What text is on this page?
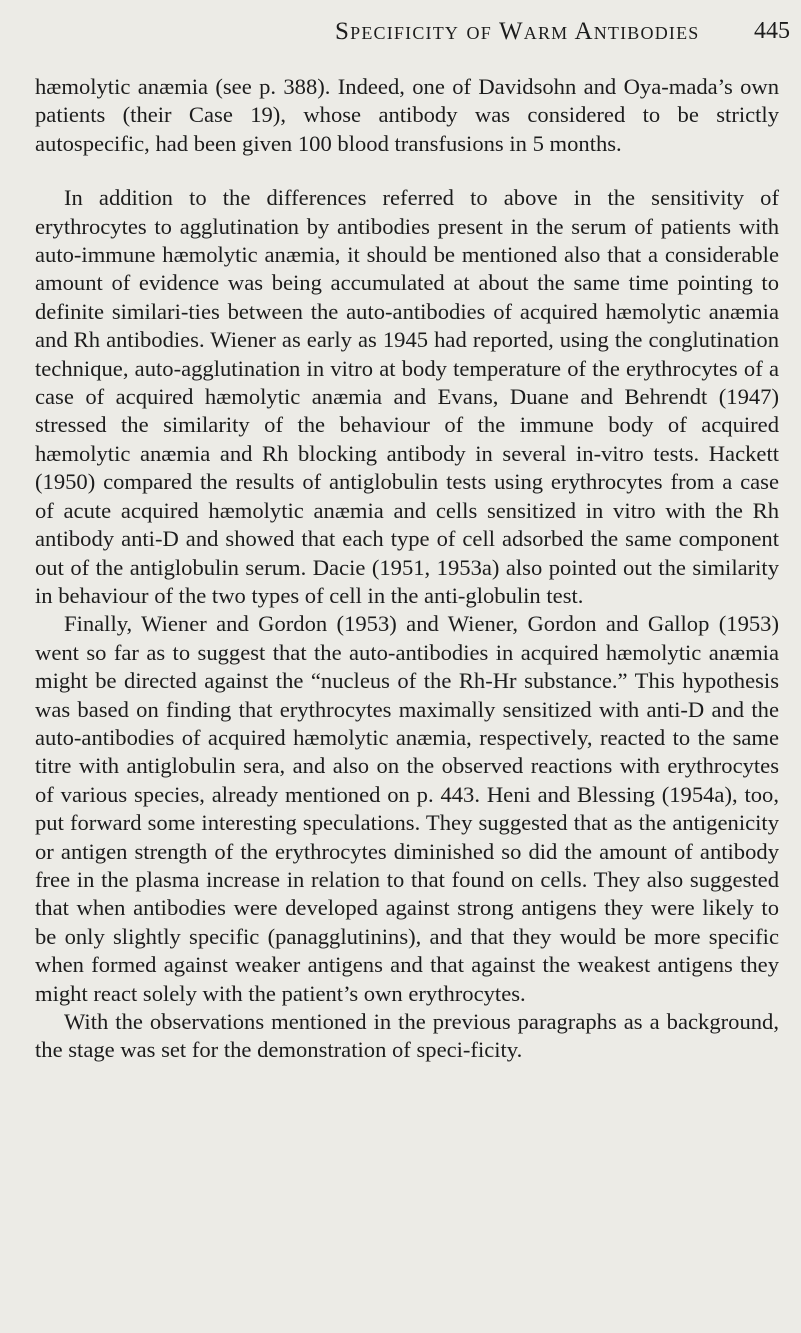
Specificity of Warm Antibodies 445

hæmolytic anæmia (see p. 388). Indeed, one of Davidsohn and Oya-mada’s own patients (their Case 19), whose antibody was considered to be strictly autospecific, had been given 100 blood transfusions in 5 months.

In addition to the differences referred to above in the sensitivity of erythrocytes to agglutination by antibodies present in the serum of patients with auto-immune hæmolytic anæmia, it should be mentioned also that a considerable amount of evidence was being accumulated at about the same time pointing to definite similari-ties between the auto-antibodies of acquired hæmolytic anæmia and Rh antibodies. Wiener as early as 1945 had reported, using the conglutination technique, auto-agglutination in vitro at body temperature of the erythrocytes of a case of acquired hæmolytic anæmia and Evans, Duane and Behrendt (1947) stressed the similarity of the behaviour of the immune body of acquired hæmolytic anæmia and Rh blocking antibody in several in-vitro tests. Hackett (1950) compared the results of antiglobulin tests using erythrocytes from a case of acute acquired hæmolytic anæmia and cells sensitized in vitro with the Rh antibody anti-D and showed that each type of cell adsorbed the same component out of the antiglobulin serum. Dacie (1951, 1953a) also pointed out the similarity in behaviour of the two types of cell in the anti-globulin test.

Finally, Wiener and Gordon (1953) and Wiener, Gordon and Gallop (1953) went so far as to suggest that the auto-antibodies in acquired hæmolytic anæmia might be directed against the “nucleus of the Rh-Hr substance.” This hypothesis was based on finding that erythrocytes maximally sensitized with anti-D and the auto-antibodies of acquired hæmolytic anæmia, respectively, reacted to the same titre with antiglobulin sera, and also on the observed reactions with erythrocytes of various species, already mentioned on p. 443. Heni and Blessing (1954a), too, put forward some interesting speculations. They suggested that as the antigenicity or antigen strength of the erythrocytes diminished so did the amount of antibody free in the plasma increase in relation to that found on cells. They also suggested that when antibodies were developed against strong antigens they were likely to be only slightly specific (panagglutinins), and that they would be more specific when formed against weaker antigens and that against the weakest antigens they might react solely with the patient’s own erythrocytes.

With the observations mentioned in the previous paragraphs as a background, the stage was set for the demonstration of speci-ficity.
